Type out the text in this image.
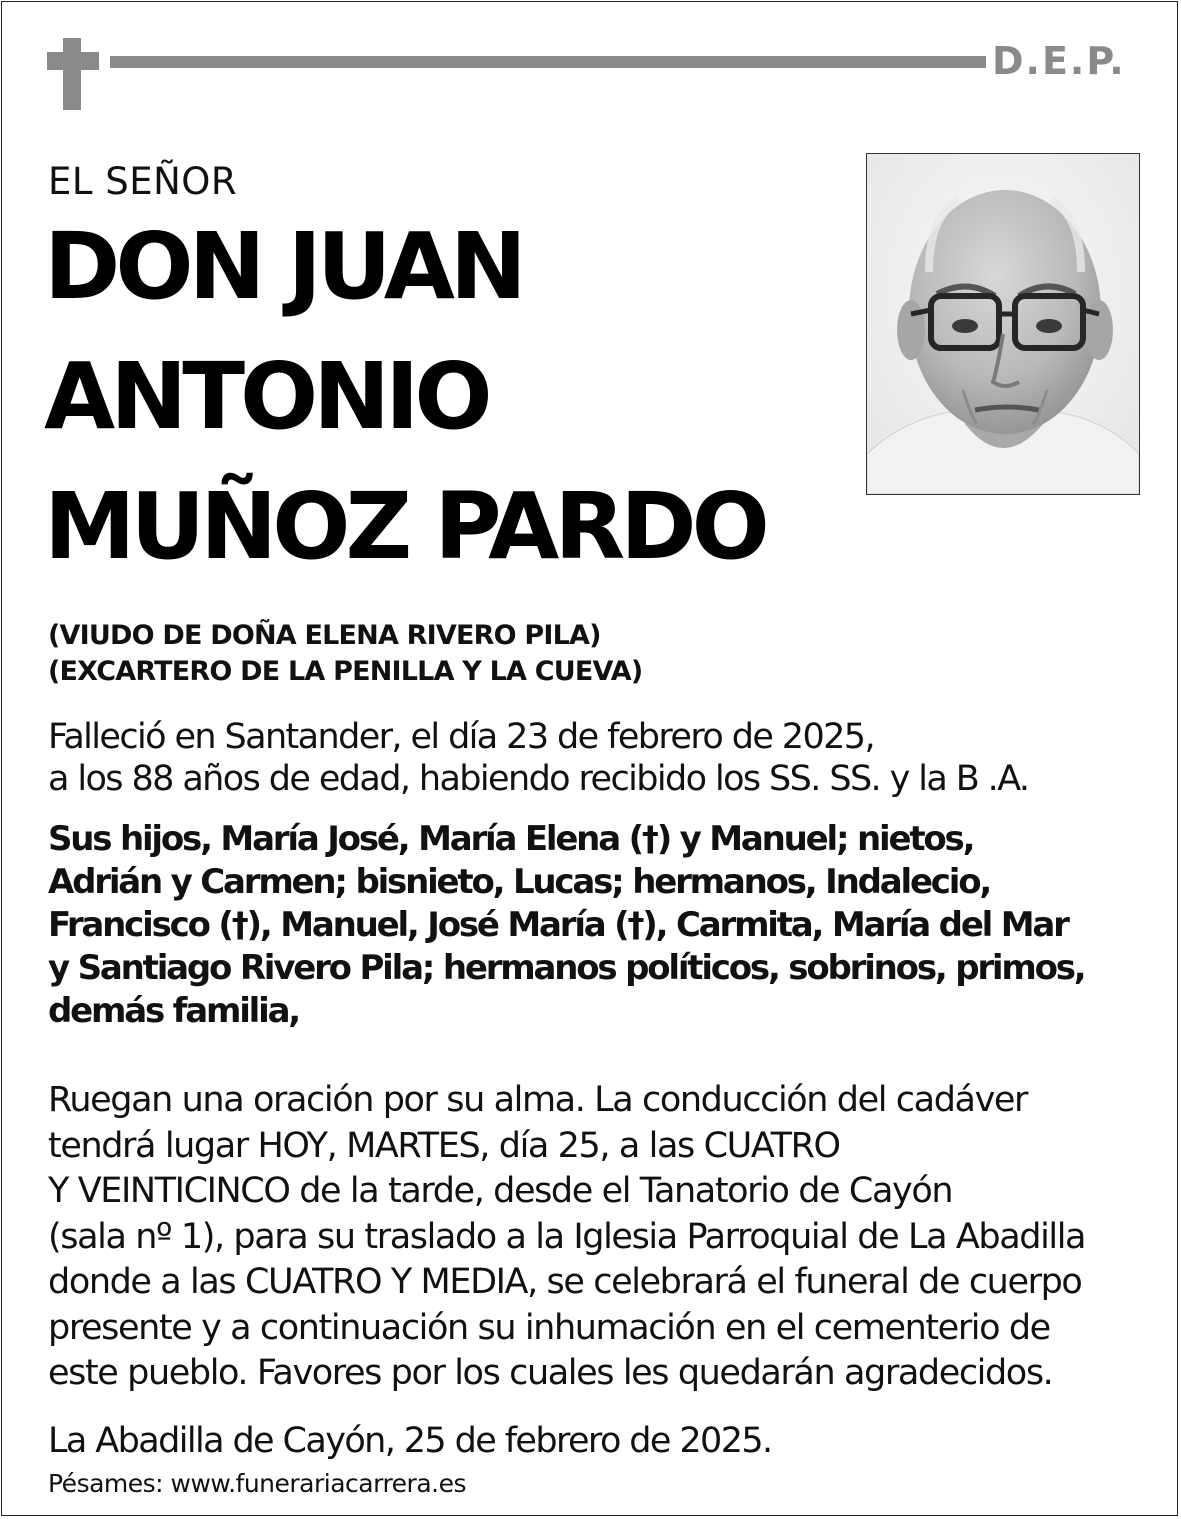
D.E.P.
EL SEÑOR
DON JUAN
ANTONIO
MUÑOZ PARDO
(VIUDO DE DOÑA ELENA RIVERO PILA)
(EXCARTERO DE LA PENILLA Y LA CUEVA)
Falleció en Santander, el día 23 de febrero de 2025,
a los 88 años de edad, habiendo recibido los SS. SS. y la B .A.
Sus hijos, María José, María Elena (†) y Manuel; nietos,
Adrián y Carmen; bisnieto, Lucas; hermanos, Indalecio,
Francisco (†), Manuel, José María (†), Carmita, María del Mar
y Santiago Rivero Pila; hermanos políticos, sobrinos, primos,
demás familia,
Ruegan una oración por su alma. La conducción del cadáver
tendrá lugar HOY, MARTES, día 25, a las CUATRO
Y VEINTICINCO de la tarde, desde el Tanatorio de Cayón
(sala nº 1), para su traslado a la Iglesia Parroquial de La Abadilla
donde a las CUATRO Y MEDIA, se celebrará el funeral de cuerpo
presente y a continuación su inhumación en el cementerio de
este pueblo. Favores por los cuales les quedarán agradecidos.
La Abadilla de Cayón, 25 de febrero de 2025.
Pésames: www.funerariacarrera.es
